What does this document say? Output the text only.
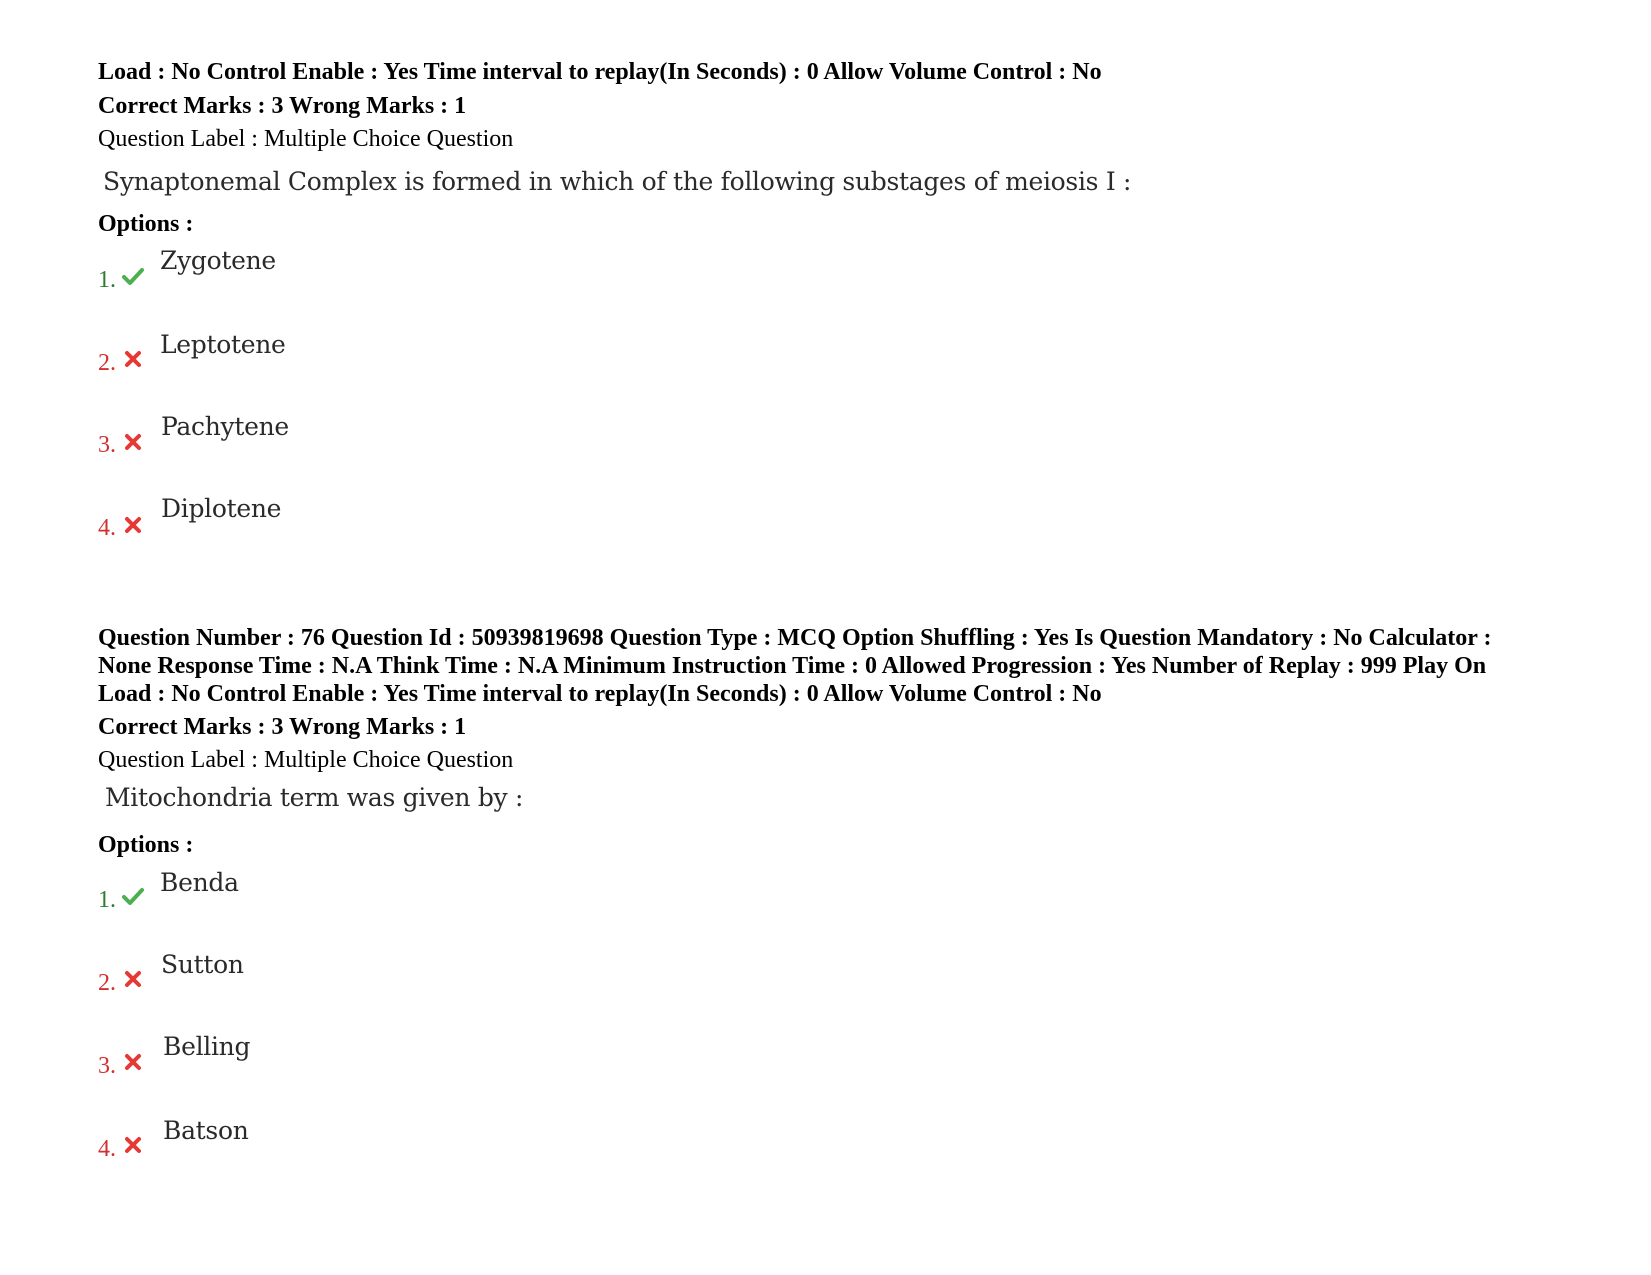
Load : No Control Enable : Yes Time interval to replay(In Seconds) : 0 Allow Volume Control : No
Correct Marks : 3 Wrong Marks : 1
Question Label : Multiple Choice Question
Synaptonemal Complex is formed in which of the following substages of meiosis I :
Options :
1.
Zygotene
2.
Leptotene
3.
Pachytene
4.
Diplotene
Question Number : 76 Question Id : 50939819698 Question Type : MCQ Option Shuffling : Yes Is Question Mandatory : No Calculator :
None Response Time : N.A Think Time : N.A Minimum Instruction Time : 0 Allowed Progression : Yes Number of Replay : 999 Play On
Load : No Control Enable : Yes Time interval to replay(In Seconds) : 0 Allow Volume Control : No
Correct Marks : 3 Wrong Marks : 1
Question Label : Multiple Choice Question
Mitochondria term was given by :
Options :
1.
Benda
2.
Sutton
3.
Belling
4.
Batson
